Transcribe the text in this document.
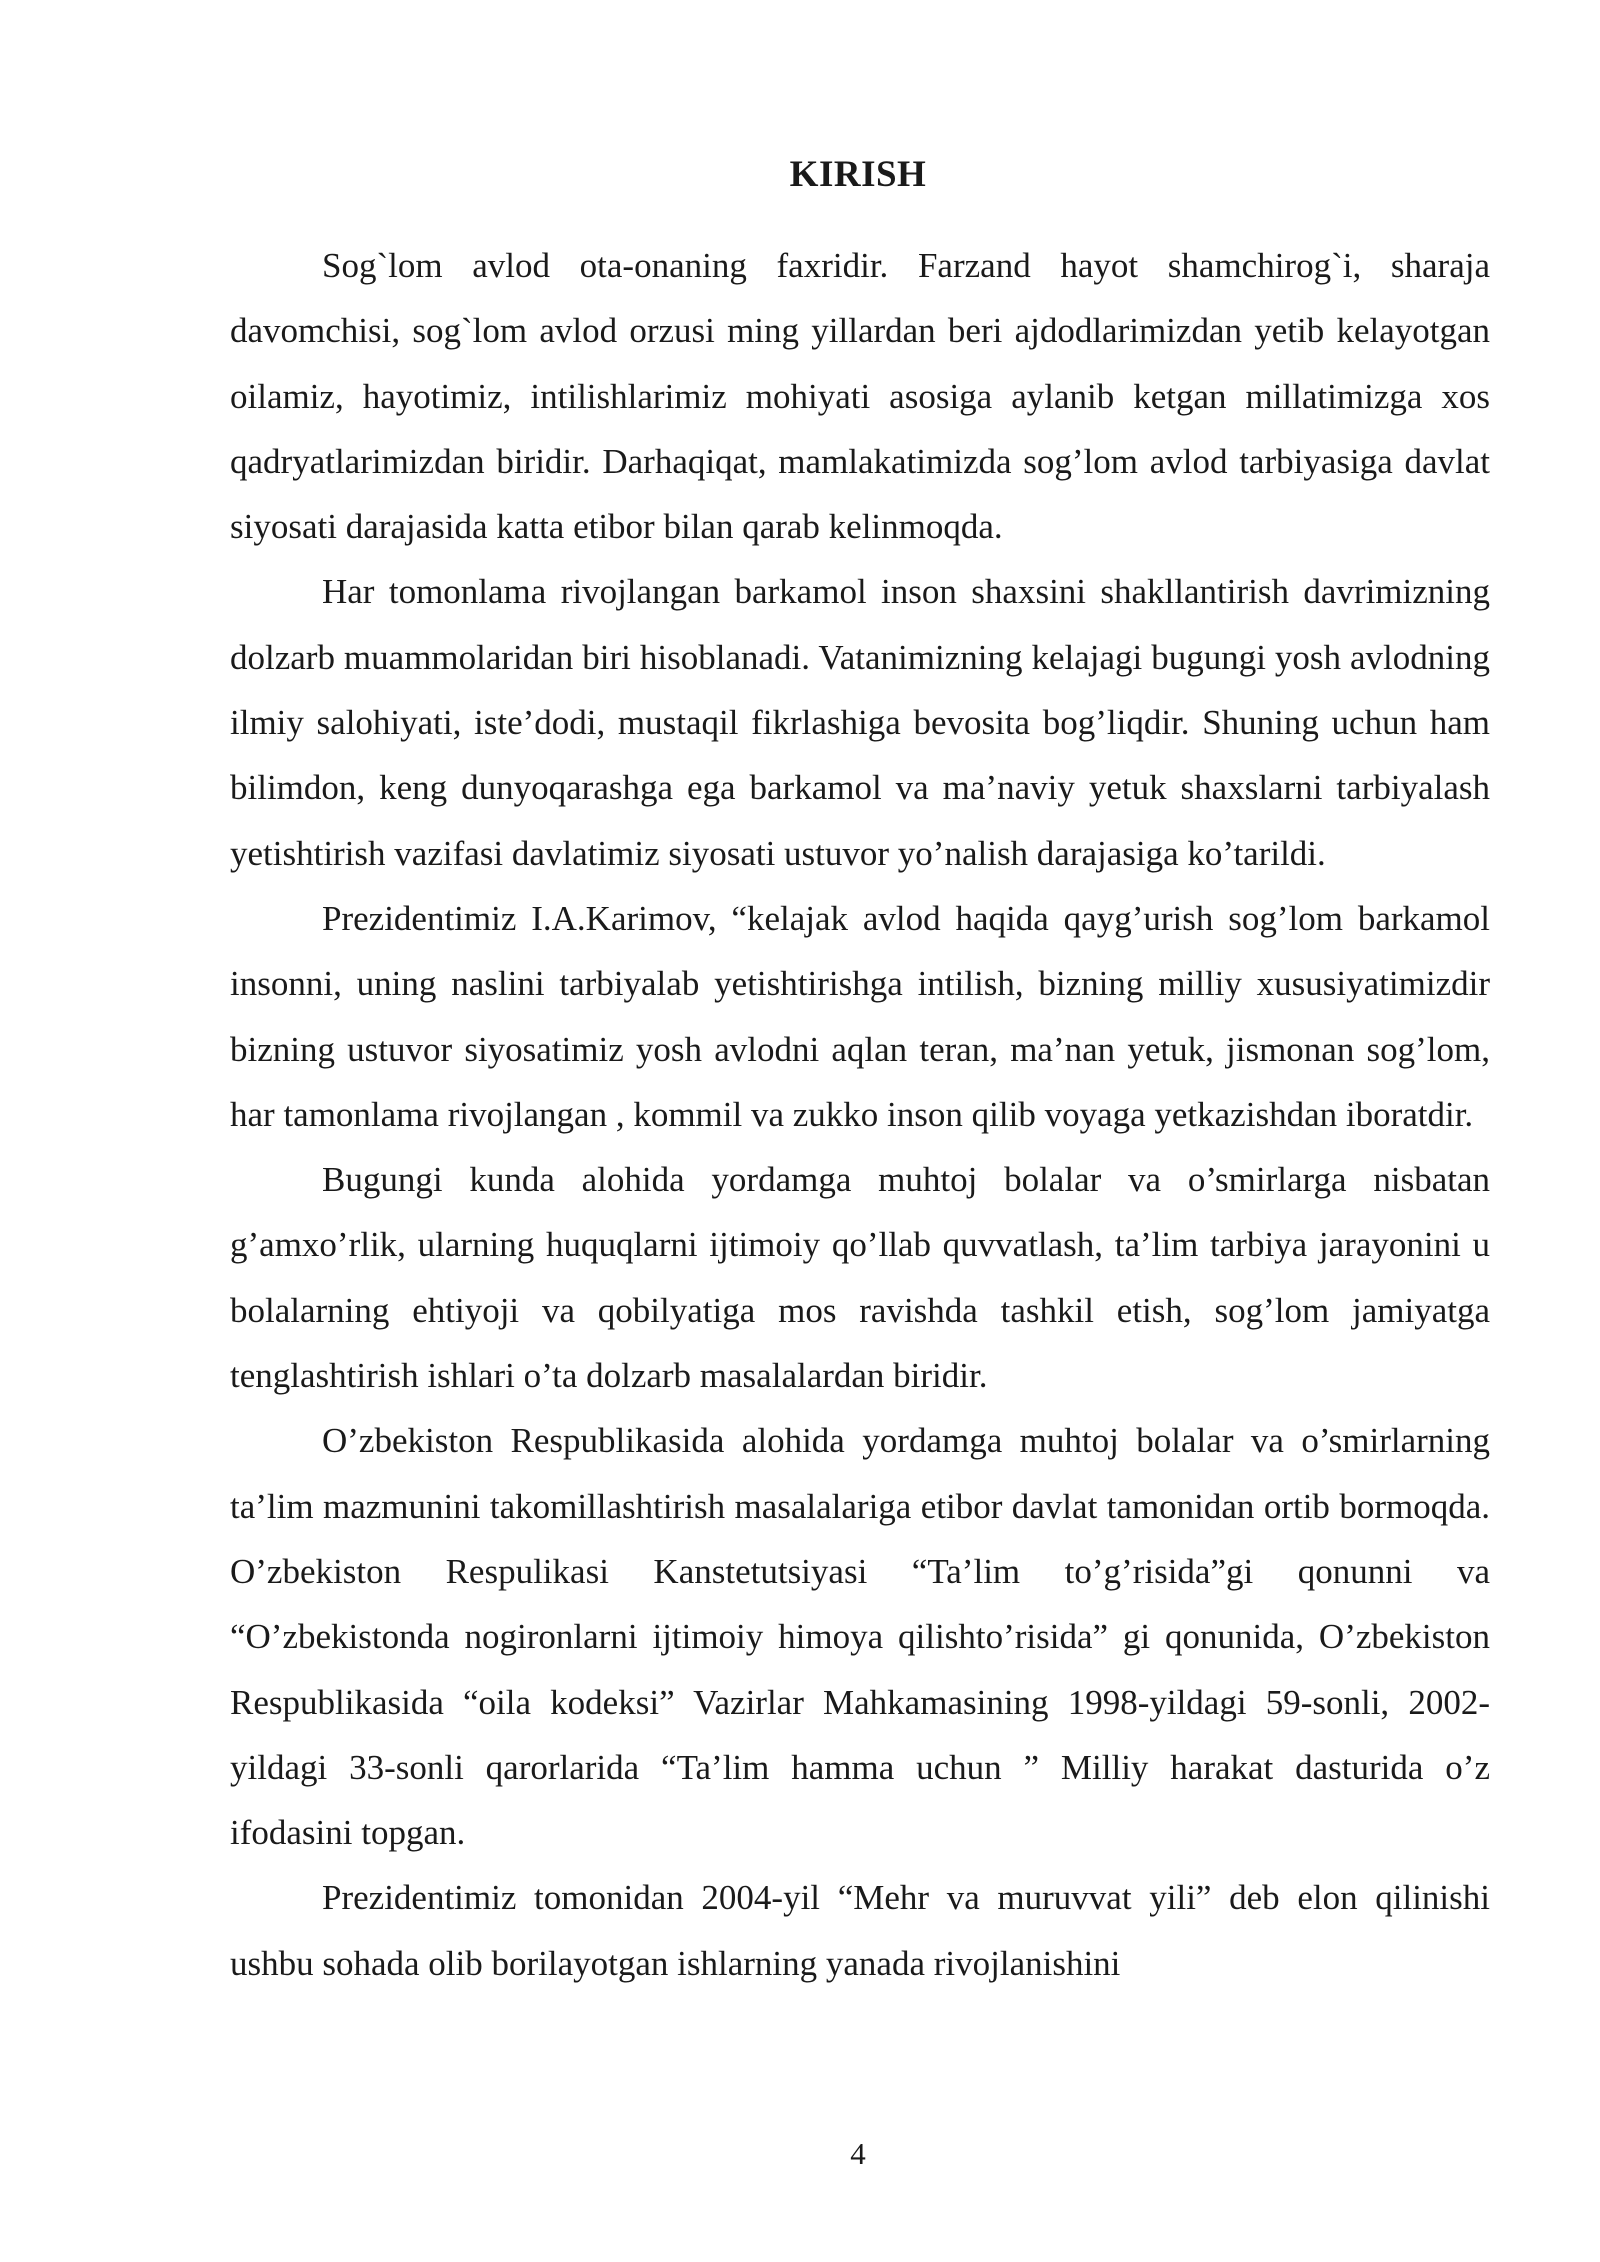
KIRISH

Sog`lom avlod ota-onaning faxridir. Farzand hayot shamchirog`i, sharaja davomchisi, sog`lom avlod orzusi ming yillardan beri ajdodlarimizdan yetib kelayotgan oilamiz, hayotimiz, intilishlarimiz mohiyati asosiga aylanib ketgan millatimizga xos qadryatlarimizdan biridir. Darhaqiqat, mamlakatimizda sog’lom avlod tarbiyasiga davlat siyosati darajasida katta etibor bilan qarab kelinmoqda.

Har tomonlama rivojlangan barkamol inson shaxsini shakllantirish davrimizning dolzarb muammolaridan biri hisoblanadi. Vatanimizning kelajagi bugungi yosh avlodning ilmiy salohiyati, iste’dodi, mustaqil fikrlashiga bevosita bog’liqdir. Shuning uchun ham bilimdon, keng dunyoqarashga ega barkamol va ma’naviy yetuk shaxslarni tarbiyalash yetishtirish vazifasi davlatimiz siyosati ustuvor yo’nalish darajasiga ko’tarildi.

Prezidentimiz I.A.Karimov, “kelajak avlod haqida qayg’urish sog’lom barkamol insonni, uning naslini tarbiyalab yetishtirishga intilish, bizning milliy xususiyatimizdir bizning ustuvor siyosatimiz yosh avlodni aqlan teran, ma’nan yetuk, jismonan sog’lom, har tamonlama rivojlangan , kommil va zukko inson qilib voyaga yetkazishdan iboratdir.

Bugungi kunda alohida yordamga muhtoj bolalar va o’smirlarga nisbatan g’amxo’rlik, ularning huquqlarni ijtimoiy qo’llab quvvatlash, ta’lim tarbiya jarayonini u bolalarning ehtiyoji va qobilyatiga mos ravishda tashkil etish, sog’lom jamiyatga tenglashtirish ishlari o’ta dolzarb masalalardan biridir.

O’zbekiston Respublikasida alohida yordamga muhtoj bolalar va o’smirlarning ta’lim mazmunini takomillashtirish masalalariga etibor davlat tamonidan ortib bormoqda. O’zbekiston Respulikasi Kanstetutsiyasi “Ta’lim to’g’risida”gi qonunni va “O’zbekistonda nogironlarni ijtimoiy himoya qilishto’risida” gi qonunida, O’zbekiston Respublikasida “oila kodeksi” Vazirlar Mahkamasining 1998-yildagi 59-sonli, 2002-yildagi 33-sonli qarorlarida “Ta’lim hamma uchun ” Milliy harakat dasturida o’z ifodasini topgan.

Prezidentimiz tomonidan 2004-yil “Mehr va muruvvat yili” deb elon qilinishi ushbu sohada olib borilayotgan ishlarning yanada rivojlanishini

4
